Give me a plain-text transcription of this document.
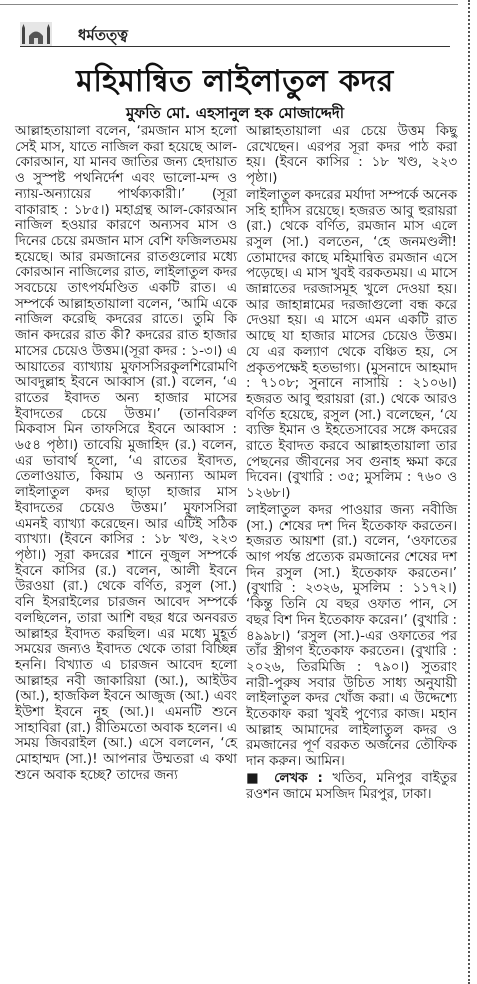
ধর্মতত্ত্ব
মহিমান্বিত লাইলাতুল কদর
মুফতি মো. এহসানুল হক মোজাদ্দেদী

আল্লাহতায়ালা বলেন, ‘রমজান মাস হলো সেই মাস, যাতে নাজিল করা হয়েছে আল-কোরআন, যা মানব জাতির জন্য হেদায়াত ও সুস্পষ্ট পথনির্দেশ এবং ভালো-মন্দ ও ন্যায়-অন্যায়ের পার্থক্যকারী।’ (সূরা বাকারাহ : ১৮৫।) মহাগ্রন্থ আল-কোরআন নাজিল হওয়ার কারণে অন্যসব মাস ও দিনের চেয়ে রমজান মাস বেশি ফজিলতময় হয়েছে। আর রমজানের রাতগুলোর মধ্যে কোরআন নাজিলের রাত, লাইলাতুল কদর সবচেয়ে তাৎপর্যমণ্ডিত একটি রাত। এ সম্পর্কে আল্লাহতায়ালা বলেন, ‘আমি একে নাজিল করেছি কদরের রাতে। তুমি কি জান কদরের রাত কী? কদরের রাত হাজার মাসের চেয়েও উত্তম।(সূরা কদর : ১-৩।) এ আয়াতের ব্যাখ্যায় মুফাসসিরকুলশিরোমণি আবদুল্লাহ ইবনে আব্বাস (রা.) বলেন, ‘এ রাতের ইবাদত অন্য হাজার মাসের ইবাদতের চেয়ে উত্তম।’ (তানবিরুল মিকবাস মিন তাফসিরে ইবনে আব্বাস : ৬৫৪ পৃষ্ঠা।) তাবেয়ি মুজাহিদ (র.) বলেন, এর ভাবার্থ হলো, ‘এ রাতের ইবাদত, তেলাওয়াত, কিয়াম ও অন্যান্য আমল লাইলাতুল কদর ছাড়া হাজার মাস ইবাদতের চেয়েও উত্তম।’ মুফাসসিরা এমনই ব্যাখ্যা করেছেন। আর এটিই সঠিক ব্যাখ্যা। (ইবনে কাসির : ১৮ খণ্ড, ২২৩ পৃষ্ঠা।) সূরা কদরের শানে নুজুল সম্পর্কে ইবনে কাসির (র.) বলেন, আলী ইবনে উরওয়া (রা.) থেকে বর্ণিত, রসুল (সা.) বনি ইসরাইলের চারজন আবেদ সম্পর্কে বলছিলেন, তারা আশি বছর ধরে অনবরত আল্লাহর ইবাদত করছিল। এর মধ্যে মুহূর্ত সময়ের জন্যও ইবাদত থেকে তারা বিচ্ছিন্ন হননি। বিখ্যাত এ চারজন আবেদ হলো আল্লাহর নবী জাকারিয়া (আ.), আইউব (আ.), হাজকিল ইবনে আজুজ (আ.) এবং ইউশা ইবনে নূহ (আ.)। এমনটি শুনে সাহাবিরা (রা.) রীতিমতো অবাক হলেন। এ সময় জিবরাইল (আ.) এসে বললেন, ‘হে মোহাম্মদ (সা.)! আপনার উম্মতরা এ কথা শুনে অবাক হচ্ছে? তাদের জন্য

আল্লাহতায়ালা এর চেয়ে উত্তম কিছু রেখেছেন। এরপর সূরা কদর পাঠ করা হয়। (ইবনে কাসির : ১৮ খণ্ড, ২২৩ পৃষ্ঠা।)

লাইলাতুল কদরের মর্যাদা সম্পর্কে অনেক সহি হাদিস রয়েছে। হজরত আবু হুরায়রা (রা.) থেকে বর্ণিত, রমজান মাস এলে রসুল (সা.) বলতেন, ‘হে জনমণ্ডলী! তোমাদের কাছে মহিমান্বিত রমজান এসে পড়েছে। এ মাস খুবই বরকতময়। এ মাসে জান্নাতের দরজাসমূহ খুলে দেওয়া হয়। আর জাহান্নামের দরজাগুলো বন্ধ করে দেওয়া হয়। এ মাসে এমন একটি রাত আছে যা হাজার মাসের চেয়েও উত্তম। যে এর কল্যাণ থেকে বঞ্চিত হয়, সে প্রকৃতপক্ষেই হতভাগ্য। (মুসনাদে আহমাদ : ৭১০৮; সুনানে নাসায়ি : ২১০৬।) হজরত আবু হুরায়রা (রা.) থেকে আরও বর্ণিত হয়েছে, রসুল (সা.) বলেছেন, ‘যে ব্যক্তি ইমান ও ইহতেসাবের সঙ্গে কদরের রাতে ইবাদত করবে আল্লাহতায়ালা তার পেছনের জীবনের সব গুনাহ ক্ষমা করে দিবেন। (বুখারি : ৩৫; মুসলিম : ৭৬০ ও ১২৬৮।)

লাইলাতুল কদর পাওয়ার জন্য নবীজি (সা.) শেষের দশ দিন ইতেকাফ করতেন। হজরত আয়শা (রা.) বলেন, ‘ওফাতের আগ পর্যন্ত প্রত্যেক রমজানের শেষের দশ দিন রসুল (সা.) ইতেকাফ করতেন।’ (বুখারি : ২৩২৬, মুসলিম : ১১৭২।) ‘কিন্তু তিনি যে বছর ওফাত পান, সে বছর বিশ দিন ইতেকাফ করেন।’ (বুখারি : ৪৯৯৮।) ‘রসুল (সা.)-এর ওফাতের পর তাঁর স্ত্রীগণ ইতেকাফ করতেন। (বুখারি : ২০২৬, তিরমিজি : ৭৯০।) সুতরাং নারী-পুরুষ সবার উচিত সাধ্য অনুযায়ী লাইলাতুল কদর খোঁজ করা। এ উদ্দেশ্যে ইতেকাফ করা খুবই পুণ্যের কাজ। মহান আল্লাহ আমাদের লাইলাতুল কদর ও রমজানের পূর্ণ বরকত অর্জনের তৌফিক দান করুন। আমিন।

■ লেখক : খতিব, মনিপুর বাইতুর রওশন জামে মসজিদ মিরপুর, ঢাকা।
